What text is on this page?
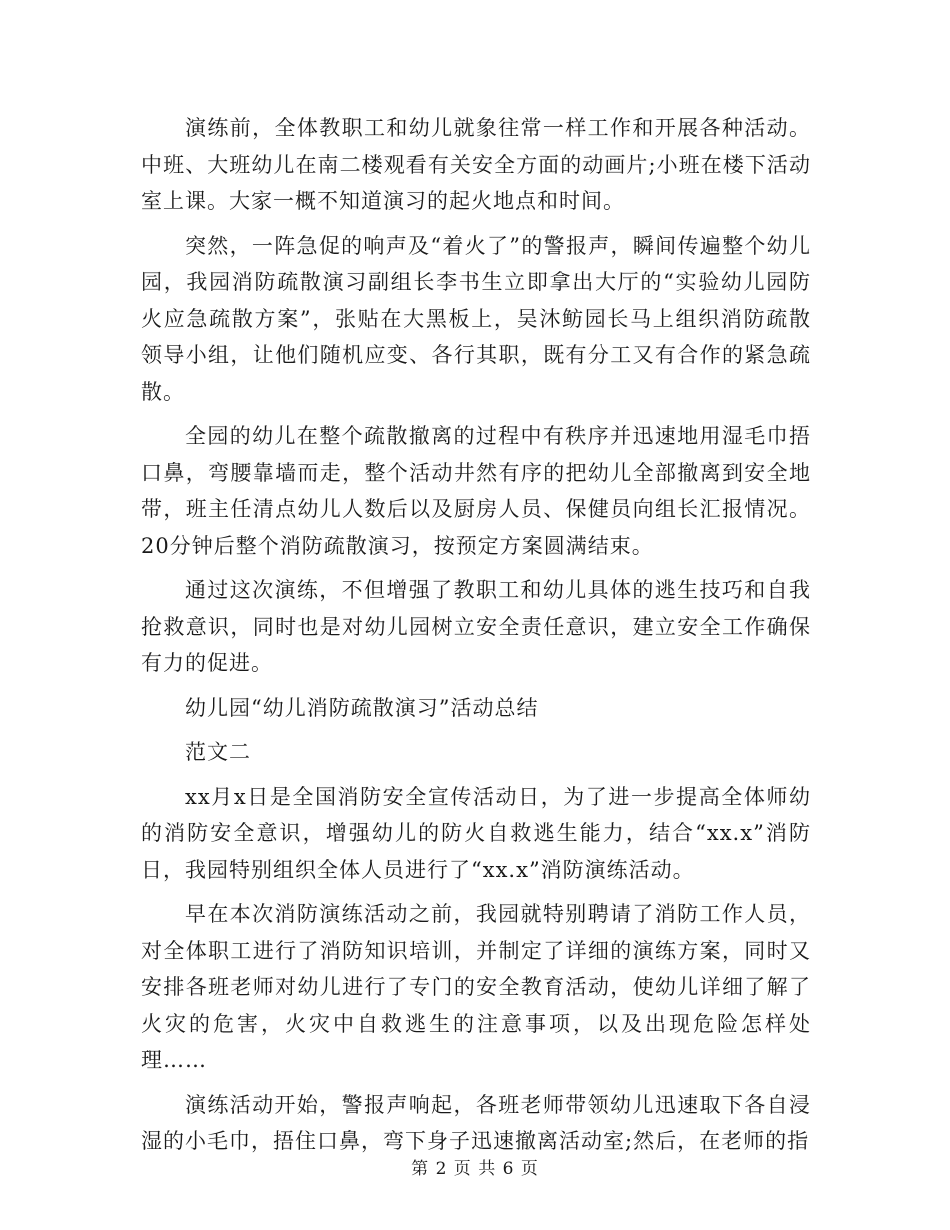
演练前，全体教职工和幼儿就象往常一样工作和开展各种活动。中班、大班幼儿在南二楼观看有关安全方面的动画片;小班在楼下活动室上课。大家一概不知道演习的起火地点和时间。

突然，一阵急促的响声及“着火了”的警报声，瞬间传遍整个幼儿园，我园消防疏散演习副组长李书生立即拿出大厅的“实验幼儿园防火应急疏散方案”，张贴在大黑板上，吴沐鲂园长马上组织消防疏散领导小组，让他们随机应变、各行其职，既有分工又有合作的紧急疏散。

全园的幼儿在整个疏散撤离的过程中有秩序并迅速地用湿毛巾捂口鼻，弯腰靠墙而走，整个活动井然有序的把幼儿全部撤离到安全地带，班主任清点幼儿人数后以及厨房人员、保健员向组长汇报情况。20分钟后整个消防疏散演习，按预定方案圆满结束。

通过这次演练，不但增强了教职工和幼儿具体的逃生技巧和自我抢救意识，同时也是对幼儿园树立安全责任意识，建立安全工作确保有力的促进。

幼儿园“幼儿消防疏散演习”活动总结

范文二

xx月x日是全国消防安全宣传活动日，为了进一步提高全体师幼的消防安全意识，增强幼儿的防火自救逃生能力，结合“xx.x”消防日，我园特别组织全体人员进行了“xx.x”消防演练活动。

早在本次消防演练活动之前，我园就特别聘请了消防工作人员，对全体职工进行了消防知识培训，并制定了详细的演练方案，同时又安排各班老师对幼儿进行了专门的安全教育活动，使幼儿详细了解了火灾的危害，火灾中自救逃生的注意事项，以及出现危险怎样处理……

演练活动开始，警报声响起，各班老师带领幼儿迅速取下各自浸湿的小毛巾，捂住口鼻，弯下身子迅速撤离活动室;然后，在老师的指

第 2 页 共 6 页
